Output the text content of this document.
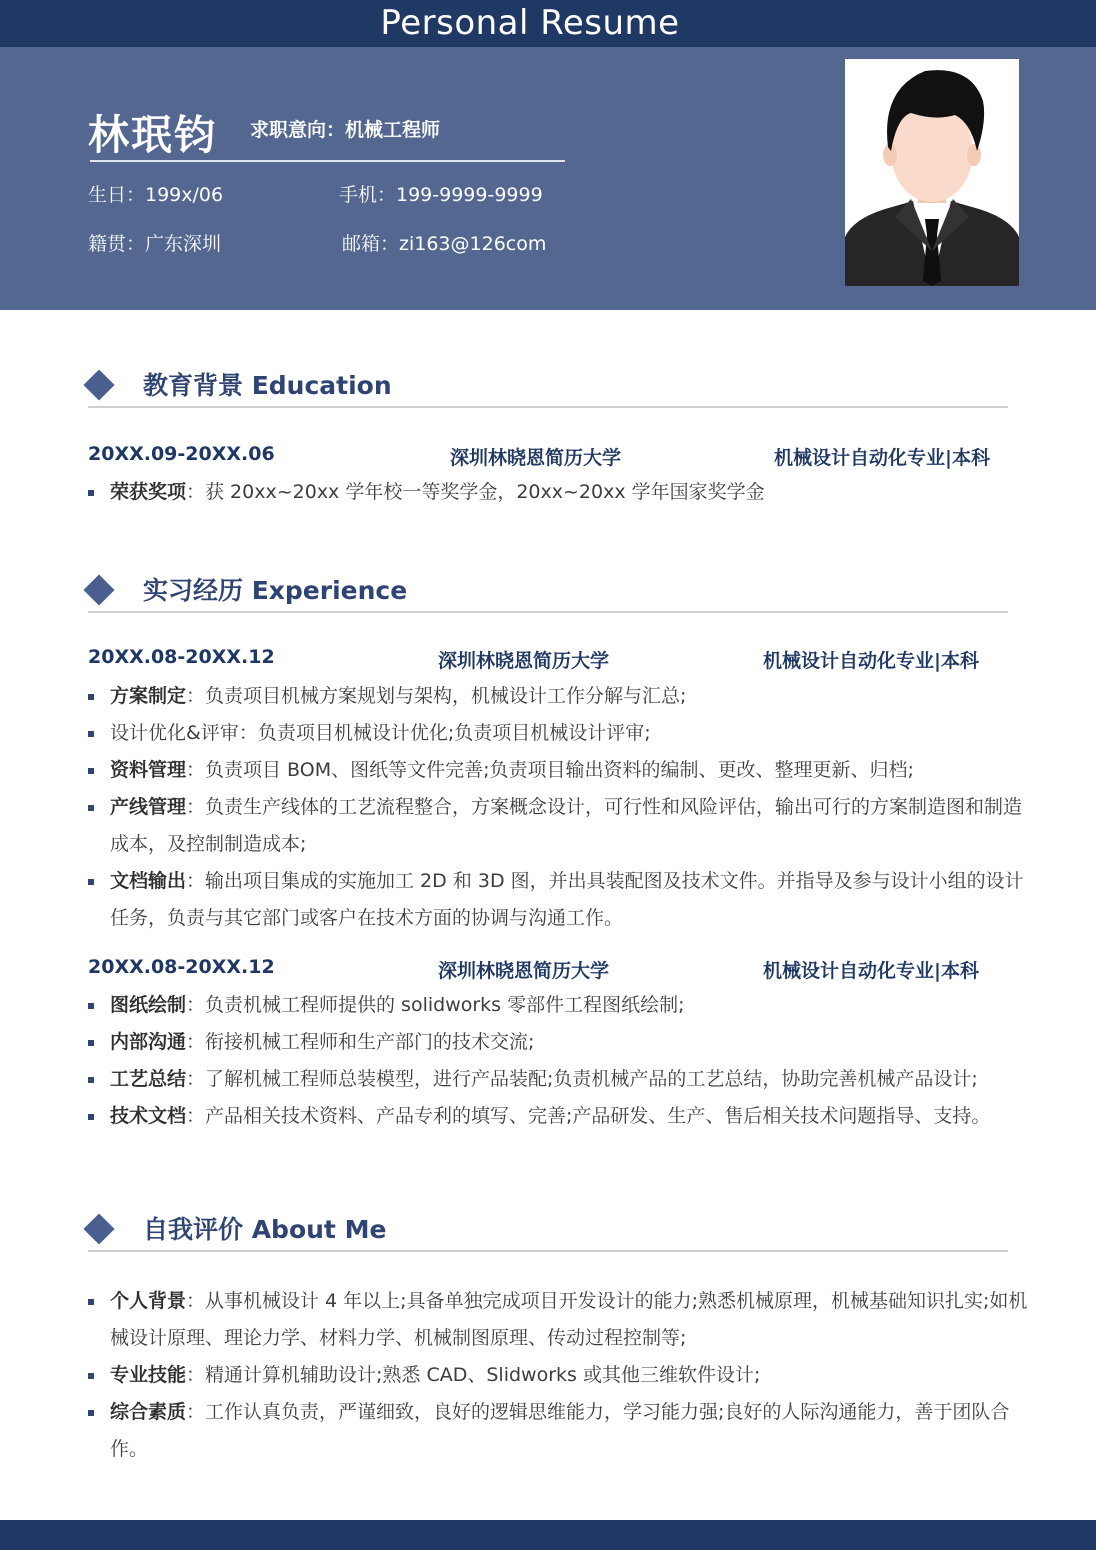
Personal Resume
林珉钧 求职意向：机械工程师
生日：199x/06	手机：199-9999-9999
籍贯：广东深圳	邮箱：zi163@126com
教育背景 Education
20XX.09-20XX.06	深圳林晓恩简历大学	机械设计自动化专业|本科
荣获奖项：获 20xx~20xx 学年校一等奖学金，20xx~20xx 学年国家奖学金
实习经历 Experience
20XX.08-20XX.12	深圳林晓恩简历大学	机械设计自动化专业|本科
方案制定：负责项目机械方案规划与架构，机械设计工作分解与汇总;
设计优化&评审：负责项目机械设计优化;负责项目机械设计评审;
资料管理：负责项目 BOM、图纸等文件完善;负责项目输出资料的编制、更改、整理更新、归档;
产线管理：负责生产线体的工艺流程整合，方案概念设计，可行性和风险评估，输出可行的方案制造图和制造成本，及控制制造成本;
文档输出：输出项目集成的实施加工 2D 和 3D 图，并出具装配图及技术文件。并指导及参与设计小组的设计任务，负责与其它部门或客户在技术方面的协调与沟通工作。
20XX.08-20XX.12	深圳林晓恩简历大学	机械设计自动化专业|本科
图纸绘制：负责机械工程师提供的 solidworks 零部件工程图纸绘制;
内部沟通：衔接机械工程师和生产部门的技术交流;
工艺总结：了解机械工程师总装模型，进行产品装配;负责机械产品的工艺总结，协助完善机械产品设计;
技术文档：产品相关技术资料、产品专利的填写、完善;产品研发、生产、售后相关技术问题指导、支持。
自我评价 About Me
个人背景：从事机械设计 4 年以上;具备单独完成项目开发设计的能力;熟悉机械原理，机械基础知识扎实;如机械设计原理、理论力学、材料力学、机械制图原理、传动过程控制等;
专业技能：精通计算机辅助设计;熟悉 CAD、Slidworks 或其他三维软件设计;
综合素质：工作认真负责，严谨细致，良好的逻辑思维能力，学习能力强;良好的人际沟通能力，善于团队合作。
